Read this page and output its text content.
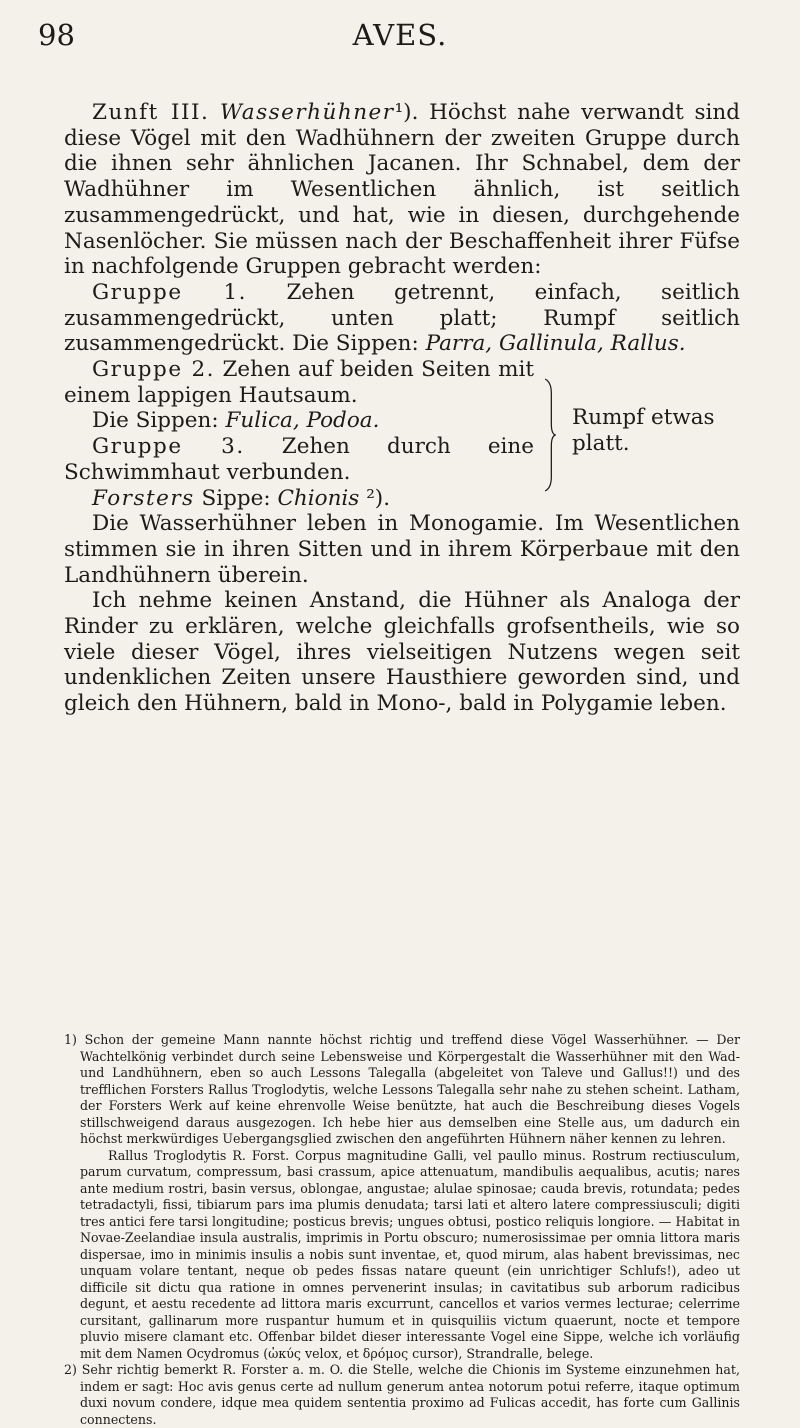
98	AVES.

Zunft III. Wasserhühner¹). Höchst nahe verwandt sind diese Vögel mit den Wadhühnern der zweiten Gruppe durch die ihnen sehr ähnlichen Jacanen. Ihr Schnabel, dem der Wadhühner im Wesentlichen ähnlich, ist seitlich zusammengedrückt, und hat, wie in diesen, durchgehende Nasenlöcher. Sie müssen nach der Beschaffenheit ihrer Füfse in nachfolgende Gruppen gebracht werden:

Gruppe 1. Zehen getrennt, einfach, seitlich zusammengedrückt, unten platt; Rumpf seitlich zusammengedrückt. Die Sippen: Parra, Gallinula, Rallus.

Gruppe 2. Zehen auf beiden Seiten mit einem lappigen Hautsaum.

Die Sippen: Fulica, Podoa.

Gruppe 3. Zehen durch eine Schwimmhaut verbunden.

Forsters Sippe: Chionis ²).

Rumpf etwas platt.

Die Wasserhühner leben in Monogamie. Im Wesentlichen stimmen sie in ihren Sitten und in ihrem Körperbaue mit den Landhühnern überein.

Ich nehme keinen Anstand, die Hühner als Analoga der Rinder zu erklären, welche gleichfalls grofsentheils, wie so viele dieser Vögel, ihres vielseitigen Nutzens wegen seit undenklichen Zeiten unsere Hausthiere geworden sind, und gleich den Hühnern, bald in Mono-, bald in Polygamie leben.

1) Schon der gemeine Mann nannte höchst richtig und treffend diese Vögel Wasserhühner. — Der Wachtelkönig verbindet durch seine Lebensweise und Körpergestalt die Wasserhühner mit den Wad- und Landhühnern, eben so auch Lessons Talegalla (abgeleitet von Taleve und Gallus!!) und des trefflichen Forsters Rallus Troglodytis, welche Lessons Talegalla sehr nahe zu stehen scheint. Latham, der Forsters Werk auf keine ehrenvolle Weise benützte, hat auch die Beschreibung dieses Vogels stillschweigend daraus ausgezogen. Ich hebe hier aus demselben eine Stelle aus, um dadurch ein höchst merkwürdiges Uebergangsglied zwischen den angeführten Hühnern näher kennen zu lehren.

Rallus Troglodytis R. Forst. Corpus magnitudine Galli, vel paullo minus. Rostrum rectiusculum, parum curvatum, compressum, basi crassum, apice attenuatum, mandibulis aequalibus, acutis; nares ante medium rostri, basin versus, oblongae, angustae; alulae spinosae; cauda brevis, rotundata; pedes tetradactyli, fissi, tibiarum pars ima plumis denudata; tarsi lati et altero latere compressiusculi; digiti tres antici fere tarsi longitudine; posticus brevis; ungues obtusi, postico reliquis longiore. — Habitat in Novae-Zeelandiae insula australis, imprimis in Portu obscuro; numerosissimae per omnia littora maris dispersae, imo in minimis insulis a nobis sunt inventae, et, quod mirum, alas habent brevissimas, nec unquam volare tentant, neque ob pedes fissas natare queunt (ein unrichtiger Schlufs!), adeo ut difficile sit dictu qua ratione in omnes pervenerint insulas; in cavitatibus sub arborum radicibus degunt, et aestu recedente ad littora maris excurrunt, cancellos et varios vermes lecturae; celerrime cursitant, gallinarum more ruspantur humum et in quisquiliis victum quaerunt, nocte et tempore pluvio misere clamant etc. Offenbar bildet dieser interessante Vogel eine Sippe, welche ich vorläufig mit dem Namen Ocydromus (ὠκύς velox, et δρόμος cursor), Strandralle, belege.

2) Sehr richtig bemerkt R. Forster a. m. O. die Stelle, welche die Chionis im Systeme einzunehmen hat, indem er sagt: Hoc avis genus certe ad nullum generum antea notorum potui referre, itaque optimum duxi novum condere, idque mea quidem sententia proximo ad Fulicas accedit, has forte cum Gallinis connectens.
